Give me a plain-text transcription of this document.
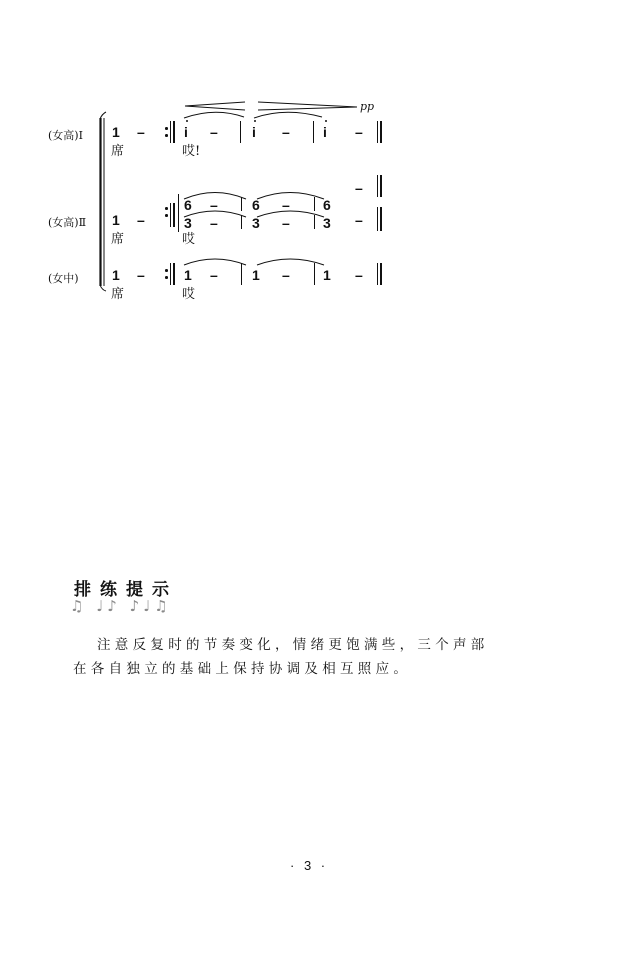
(女高)Ⅰ
(女高)Ⅱ
(女中)
pp
1 –
席
i –
哎!
i – i –
1 –
席
6 – 6 – 6
–
3 –
哎
3 – 3 –
1 –
席
1 –
哎
1 – 1 –
排练提示
♫ ♩♪ ♪♩♫
注意反复时的节奏变化，情绪更饱满些，三个声部
在各自独立的基础上保持协调及相互照应。
· 3 ·
